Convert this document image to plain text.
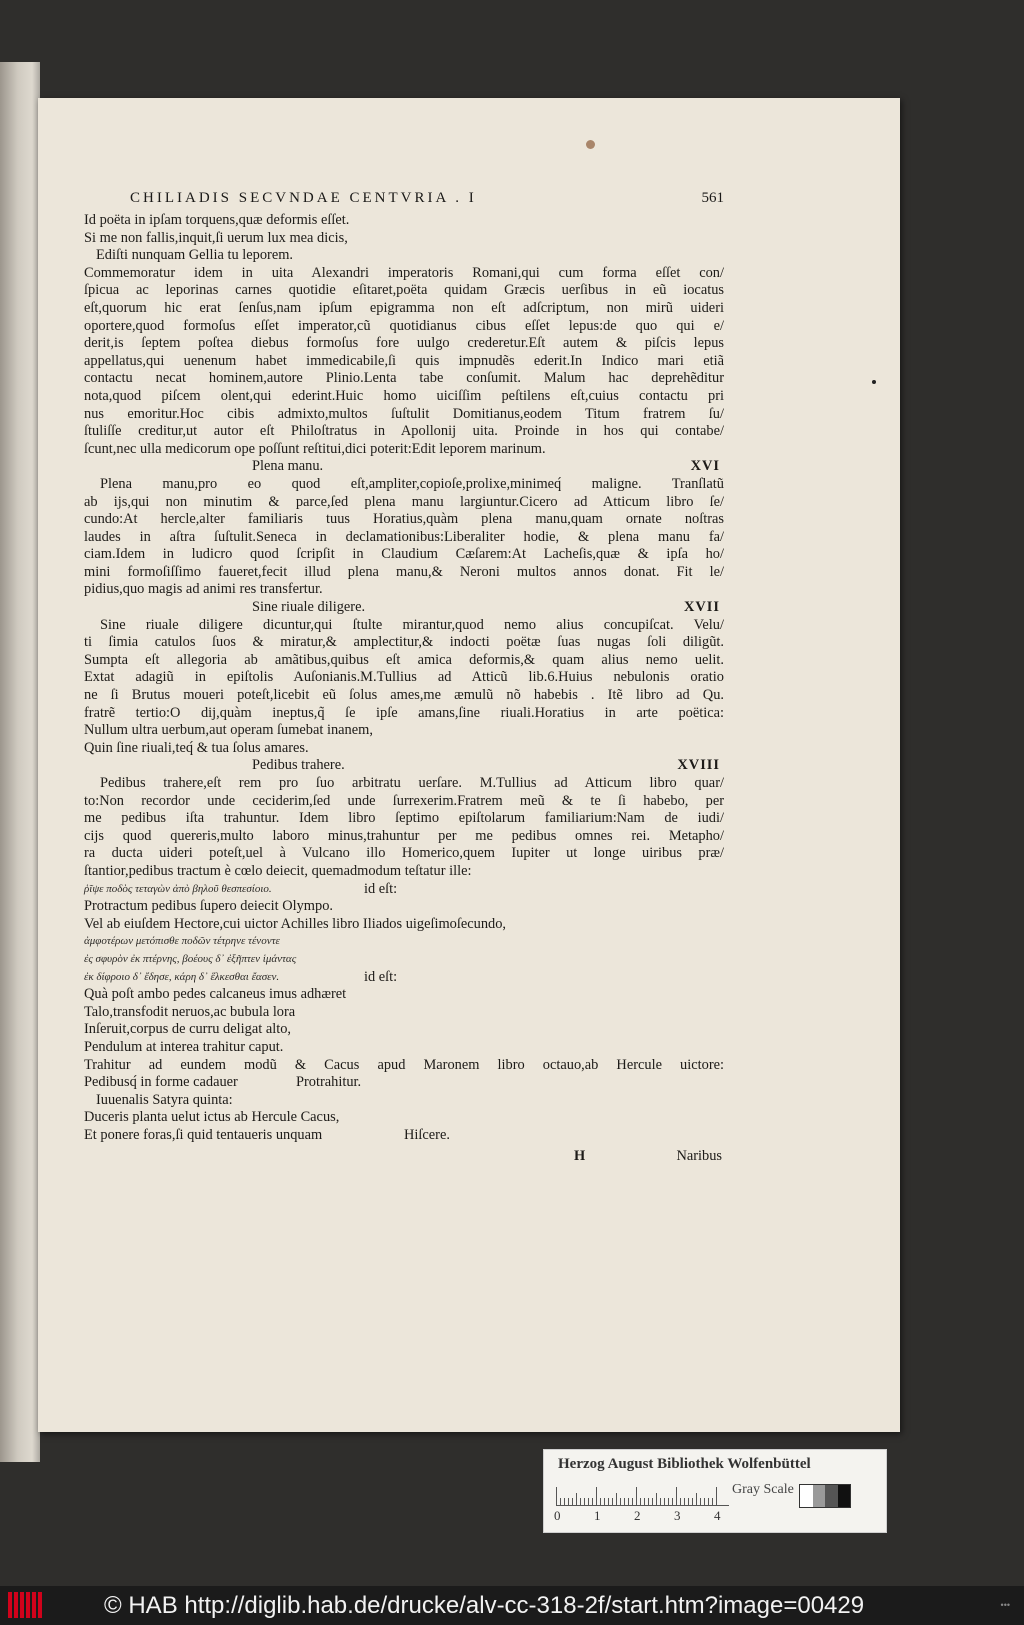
CHILIADIS SECVNDAE CENTVRIA . I	561
Id poëta in ipſam torquens,quæ deformis eſſet.
Si me non fallis,inquit,ſi uerum lux mea dicis,
Ediſti nunquam Gellia tu leporem.
Commemoratur idem in uita Alexandri imperatoris Romani,qui cum forma eſſet con/
ſpicua ac leporinas carnes quotidie eſitaret,poëta quidam Græcis uerſibus in eũ iocatus
eſt,quorum hic erat ſenſus,nam ipſum epigramma non eſt adſcriptum, non mirũ uideri
oportere,quod formoſus eſſet imperator,cũ quotidianus cibus eſſet lepus:de quo qui e/
derit,is ſeptem poſtea diebus formoſus fore uulgo crederetur.Eſt autem & piſcis lepus
appellatus,qui uenenum habet immedicabile,ſi quis impnudẽs ederit.In Indico mari etiã
contactu necat hominem,autore Plinio.Lenta tabe conſumit. Malum hac deprehẽditur
nota,quod piſcem olent,qui ederint.Huic homo uiciſſim peſtilens eſt,cuius contactu pri
nus emoritur.Hoc cibis admixto,multos ſuſtulit Domitianus,eodem Titum fratrem ſu/
ſtuliſſe creditur,ut autor eſt Philoſtratus in Apollonij uita. Proinde in hos qui contabe/
ſcunt,nec ulla medicorum ope poſſunt reſtitui,dici poterit:Edit leporem marinum.
Plena manu.	XVI
Plena manu,pro eo quod eſt,ampliter,copioſe,prolixe,minimeq́ maligne. Tranſlatũ
ab ijs,qui non minutim & parce,ſed plena manu largiuntur.Cicero ad Atticum libro ſe/
cundo:At hercle,alter familiaris tuus Horatius,quàm plena manu,quam ornate noſtras
laudes in aſtra ſuſtulit.Seneca in declamationibus:Liberaliter hodie, & plena manu fa/
ciam.Idem in ludicro quod ſcripſit in Claudium Cæſarem:At Lacheſis,quæ & ipſa ho/
mini formoſiſſimo faueret,fecit illud plena manu,& Neroni multos annos donat. Fit le/
pidius,quo magis ad animi res transfertur.
Sine riuale diligere.	XVII
Sine riuale diligere dicuntur,qui ſtulte mirantur,quod nemo alius concupiſcat. Velu/
ti ſimia catulos ſuos & miratur,& amplectitur,& indocti poëtæ ſuas nugas ſoli diligũt.
Sumpta eſt allegoria ab amãtibus,quibus eſt amica deformis,& quam alius nemo uelit.
Extat adagiũ in epiſtolis Auſonianis.M.Tullius ad Atticũ lib.6.Huius nebulonis oratio
ne ſi Brutus moueri poteſt,licebit eũ ſolus ames,me æmulũ nõ habebis . Itẽ libro ad Qu.
fratrẽ tertio:O dij,quàm ineptus,q̃ ſe ipſe amans,ſine riuali.Horatius in arte poëtica:
Nullum ultra uerbum,aut operam ſumebat inanem,
Quin ſine riuali,teq́ & tua ſolus amares.
Pedibus trahere.	XVIII
Pedibus trahere,eſt rem pro ſuo arbitratu uerſare. M.Tullius ad Atticum libro quar/
to:Non recordor unde ceciderim,ſed unde ſurrexerim.Fratrem meũ & te ſi habebo, per
me pedibus iſta trahuntur. Idem libro ſeptimo epiſtolarum familiarium:Nam de iudi/
cijs quod quereris,multo laboro minus,trahuntur per me pedibus omnes rei. Metapho/
ra ducta uideri poteſt,uel à Vulcano illo Homerico,quem Iupiter ut longe uiribus præ/
ſtantior,pedibus tractum è cœlo deiecit, quemadmodum teſtatur ille:
ῥῖψε ποδὸς τεταγὼν ἀπὸ βηλοῦ θεσπεσίοιο.	id eſt:
Protractum pedibus ſupero deiecit Olympo.
Vel ab eiuſdem Hectore,cui uictor Achilles libro Iliados uigeſimoſecundo,
ἀμφοτέρων μετόπισθε ποδῶν τέτρηνε τένοντε
ἐς σφυρὸν ἐκ πτέρνης, βοέους δ᾽ ἐξῆπτεν ἱμάντας
ἐκ δίφροιο δ᾽ ἔδησε, κάρη δ᾽ ἕλκεσθαι ἔασεν.	id eſt:
Quà poſt ambo pedes calcaneus imus adhæret
Talo,transfodit neruos,ac bubula lora
Inſeruit,corpus de curru deligat alto,
Pendulum at interea trahitur caput.
Trahitur ad eundem modũ & Cacus apud Maronem libro octauo,ab Hercule uictore:
Pedibusq́ in forme cadauer	Protrahitur.
Iuuenalis Satyra quinta:
Duceris planta uelut ictus ab Hercule Cacus,
Et ponere foras,ſi quid tentaueris unquam	Hiſcere.
H	Naribus
Herzog August Bibliothek Wolfenbüttel
0	1	2	3	4
Gray Scale
© HAB http://diglib.hab.de/drucke/alv-cc-318-2f/start.htm?image=00429	•••
